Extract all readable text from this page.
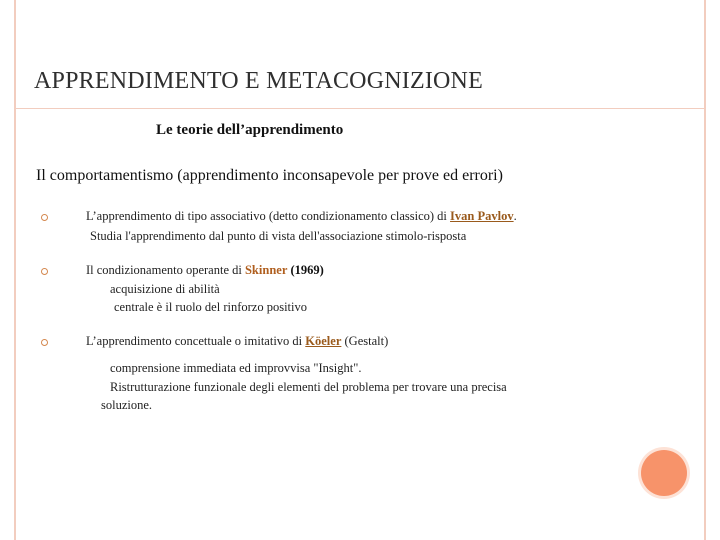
APPRENDIMENTO E METACOGNIZIONE
Le teorie dell’apprendimento
Il comportamentismo (apprendimento inconsapevole per prove ed errori)
L’apprendimento di tipo associativo (detto condizionamento classico) di Ivan Pavlov.
Studia l'apprendimento dal punto di vista dell'associazione stimolo-risposta
Il condizionamento operante di Skinner (1969)
acquisizione di abilità
centrale è il ruolo del rinforzo positivo
L’apprendimento concettuale o imitativo di Köeler (Gestalt)
comprensione immediata ed improvvisa "Insight".
Ristrutturazione funzionale degli elementi del problema per trovare una precisa
soluzione.
